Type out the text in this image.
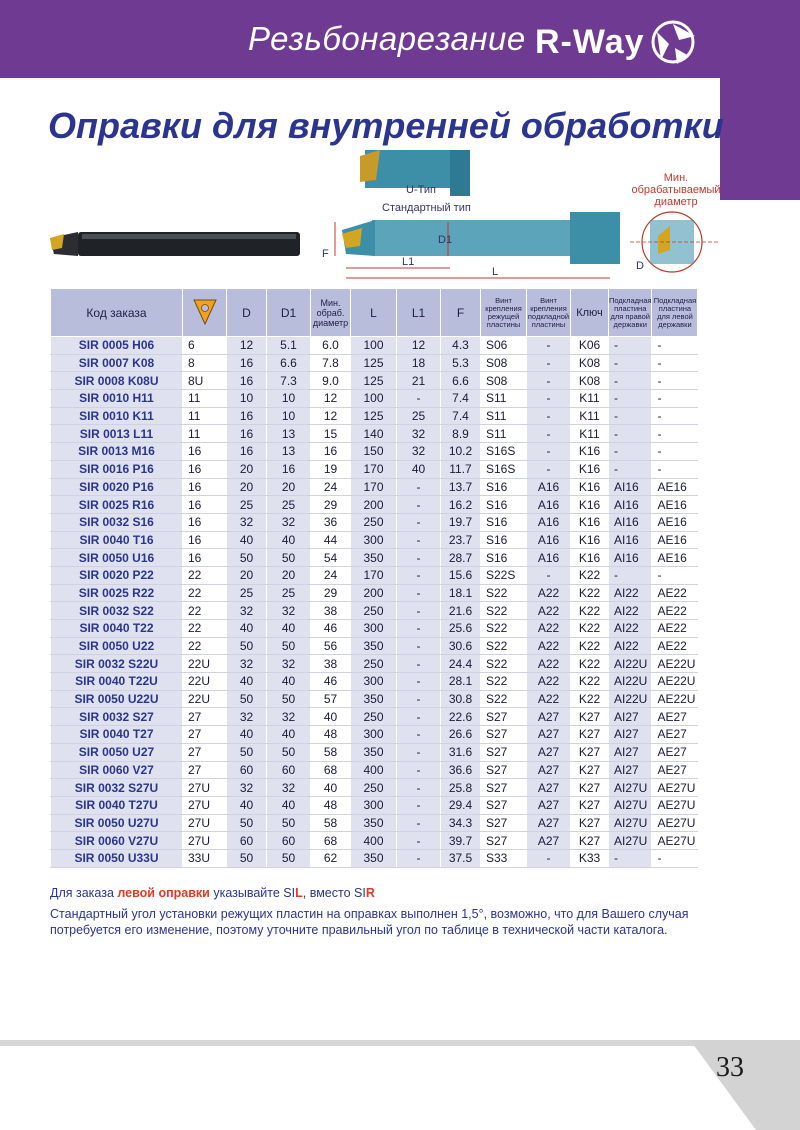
Резьбонарезание R-Way
Оправки для внутренней обработки
U-Тип
Стандартный тип
Мин. обрабатываемый диаметр
F
D1
L1
L	D
Код заказа		D	D1	Мин. обраб. диаметр	L	L1	F	Винт крепления режущей пластины	Винт крепления подкладной пластины	Ключ	Подкладная пластина для правой державки	Подкладная пластина для левой державки
SIR 0005 H06	6	12	5.1	6.0	100	12	4.3	S06	-	K06	-	-
SIR 0007 K08	8	16	6.6	7.8	125	18	5.3	S08	-	K08	-	-
SIR 0008 K08U	8U	16	7.3	9.0	125	21	6.6	S08	-	K08	-	-
SIR 0010 H11	11	10	10	12	100	-	7.4	S11	-	K11	-	-
SIR 0010 K11	11	16	10	12	125	25	7.4	S11	-	K11	-	-
SIR 0013 L11	11	16	13	15	140	32	8.9	S11	-	K11	-	-
SIR 0013 M16	16	16	13	16	150	32	10.2	S16S	-	K16	-	-
SIR 0016 P16	16	20	16	19	170	40	11.7	S16S	-	K16	-	-
SIR 0020 P16	16	20	20	24	170	-	13.7	S16	A16	K16	AI16	AE16
SIR 0025 R16	16	25	25	29	200	-	16.2	S16	A16	K16	AI16	AE16
SIR 0032 S16	16	32	32	36	250	-	19.7	S16	A16	K16	AI16	AE16
SIR 0040 T16	16	40	40	44	300	-	23.7	S16	A16	K16	AI16	AE16
SIR 0050 U16	16	50	50	54	350	-	28.7	S16	A16	K16	AI16	AE16
SIR 0020 P22	22	20	20	24	170	-	15.6	S22S	-	K22	-	-
SIR 0025 R22	22	25	25	29	200	-	18.1	S22	A22	K22	AI22	AE22
SIR 0032 S22	22	32	32	38	250	-	21.6	S22	A22	K22	AI22	AE22
SIR 0040 T22	22	40	40	46	300	-	25.6	S22	A22	K22	AI22	AE22
SIR 0050 U22	22	50	50	56	350	-	30.6	S22	A22	K22	AI22	AE22
SIR 0032 S22U	22U	32	32	38	250	-	24.4	S22	A22	K22	AI22U	AE22U
SIR 0040 T22U	22U	40	40	46	300	-	28.1	S22	A22	K22	AI22U	AE22U
SIR 0050 U22U	22U	50	50	57	350	-	30.8	S22	A22	K22	AI22U	AE22U
SIR 0032 S27	27	32	32	40	250	-	22.6	S27	A27	K27	AI27	AE27
SIR 0040 T27	27	40	40	48	300	-	26.6	S27	A27	K27	AI27	AE27
SIR 0050 U27	27	50	50	58	350	-	31.6	S27	A27	K27	AI27	AE27
SIR 0060 V27	27	60	60	68	400	-	36.6	S27	A27	K27	AI27	AE27
SIR 0032 S27U	27U	32	32	40	250	-	25.8	S27	A27	K27	AI27U	AE27U
SIR 0040 T27U	27U	40	40	48	300	-	29.4	S27	A27	K27	AI27U	AE27U
SIR 0050 U27U	27U	50	50	58	350	-	34.3	S27	A27	K27	AI27U	AE27U
SIR 0060 V27U	27U	60	60	68	400	-	39.7	S27	A27	K27	AI27U	AE27U
SIR 0050 U33U	33U	50	50	62	350	-	37.5	S33	-	K33	-	-
Для заказа левой оправки указывайте SIL, вместо SIR
Стандартный угол установки режущих пластин на оправках выполнен 1,5°, возможно, что для Вашего случая потребуется его изменение, поэтому уточните правильный угол по таблице в технической части каталога.
33
